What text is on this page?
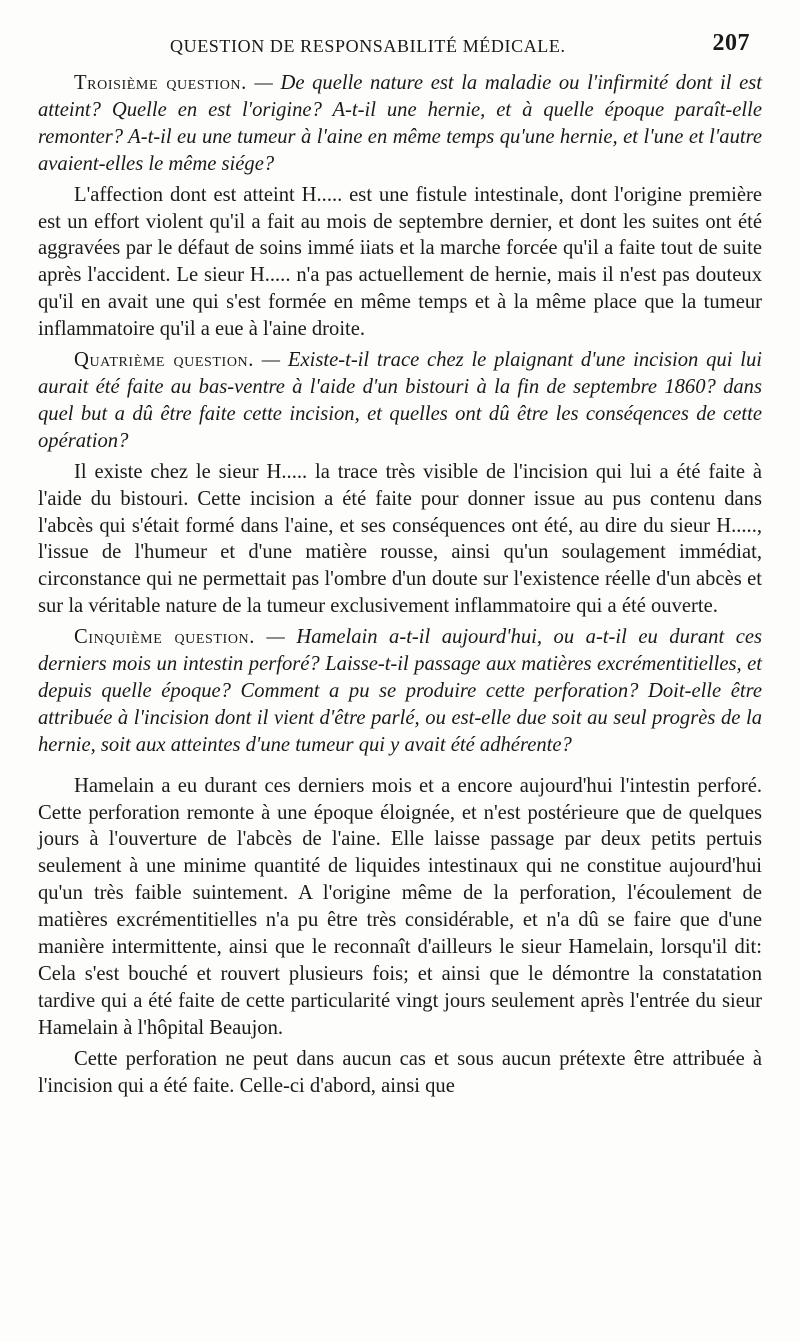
QUESTION DE RESPONSABILITÉ MÉDICALE.	207

Troisième question. — De quelle nature est la maladie ou l'infirmité dont il est atteint? Quelle en est l'origine? A-t-il une hernie, et à quelle époque paraît-elle remonter? A-t-il eu une tumeur à l'aine en même temps qu'une hernie, et l'une et l'autre avaient-elles le même siége?

L'affection dont est atteint H..... est une fistule intestinale, dont l'origine première est un effort violent qu'il a fait au mois de septembre dernier, et dont les suites ont été aggravées par le défaut de soins immé iiats et la marche forcée qu'il a faite tout de suite après l'accident. Le sieur H..... n'a pas actuellement de hernie, mais il n'est pas douteux qu'il en avait une qui s'est formée en même temps et à la même place que la tumeur inflammatoire qu'il a eue à l'aine droite.

Quatrième question. — Existe-t-il trace chez le plaignant d'une incision qui lui aurait été faite au bas-ventre à l'aide d'un bistouri à la fin de septembre 1860? dans quel but a dû être faite cette incision, et quelles ont dû être les conséqences de cette opération?

Il existe chez le sieur H..... la trace très visible de l'incision qui lui a été faite à l'aide du bistouri. Cette incision a été faite pour donner issue au pus contenu dans l'abcès qui s'était formé dans l'aine, et ses conséquences ont été, au dire du sieur H....., l'issue de l'humeur et d'une matière rousse, ainsi qu'un soulagement immédiat, circonstance qui ne permettait pas l'ombre d'un doute sur l'existence réelle d'un abcès et sur la véritable nature de la tumeur exclusivement inflammatoire qui a été ouverte.

Cinquième question. — Hamelain a-t-il aujourd'hui, ou a-t-il eu durant ces derniers mois un intestin perforé? Laisse-t-il passage aux matières excrémentitielles, et depuis quelle époque? Comment a pu se produire cette perforation? Doit-elle être attribuée à l'incision dont il vient d'être parlé, ou est-elle due soit au seul progrès de la hernie, soit aux atteintes d'une tumeur qui y avait été adhérente?

Hamelain a eu durant ces derniers mois et a encore aujourd'hui l'intestin perforé. Cette perforation remonte à une époque éloignée, et n'est postérieure que de quelques jours à l'ouverture de l'abcès de l'aine. Elle laisse passage par deux petits pertuis seulement à une minime quantité de liquides intestinaux qui ne constitue aujourd'hui qu'un très faible suintement. A l'origine même de la perforation, l'écoulement de matières excrémentitielles n'a pu être très considérable, et n'a dû se faire que d'une manière intermittente, ainsi que le reconnaît d'ailleurs le sieur Hamelain, lorsqu'il dit: Cela s'est bouché et rouvert plusieurs fois; et ainsi que le démontre la constatation tardive qui a été faite de cette particularité vingt jours seulement après l'entrée du sieur Hamelain à l'hôpital Beaujon.

Cette perforation ne peut dans aucun cas et sous aucun prétexte être attribuée à l'incision qui a été faite. Celle-ci d'abord, ainsi que
